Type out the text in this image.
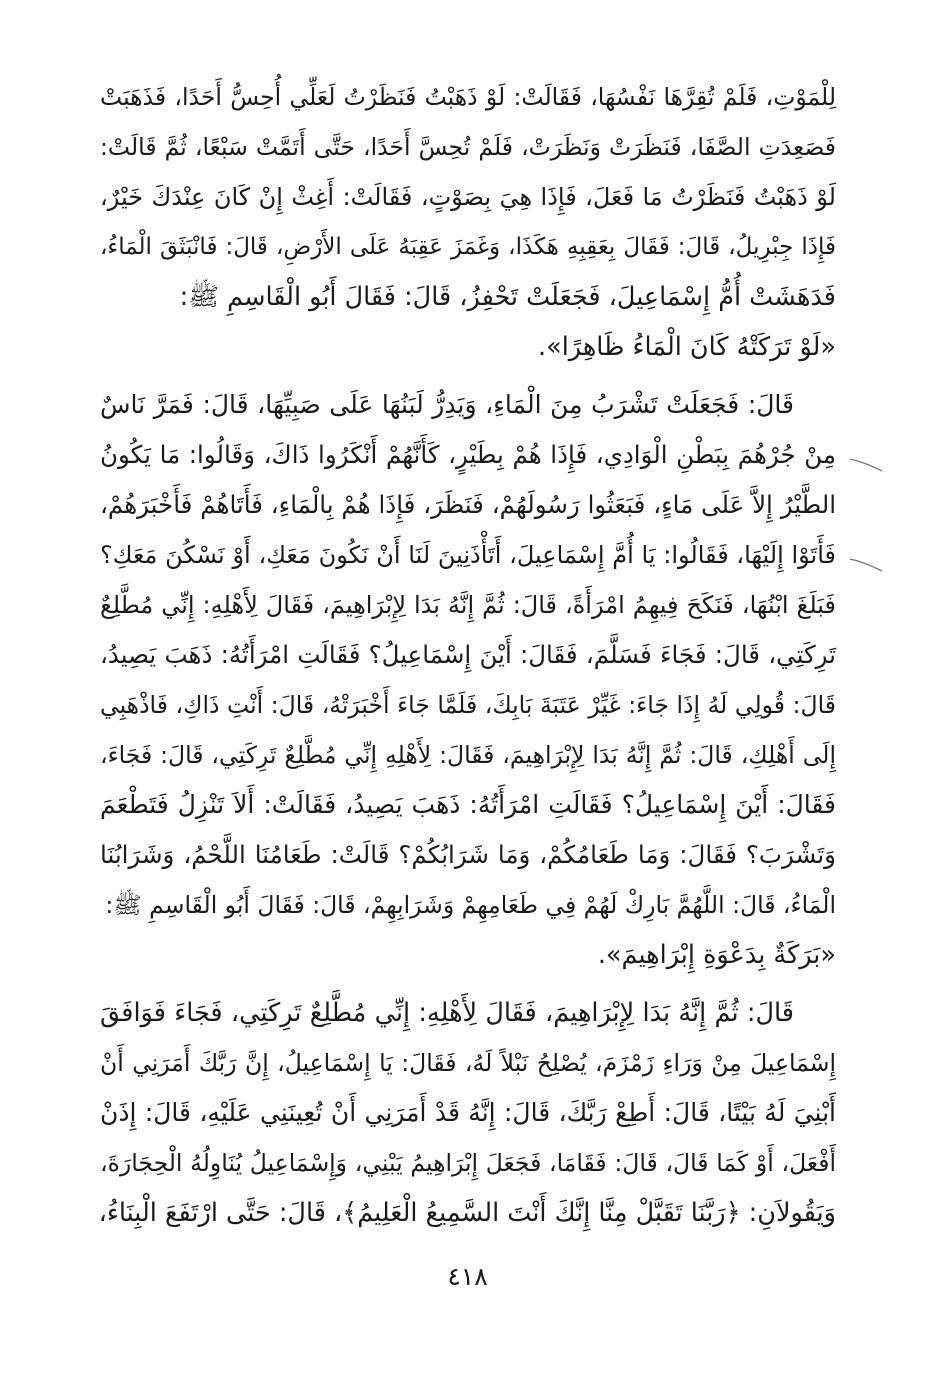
لِلْمَوْتِ، فَلَمْ تُقِرَّهَا نَفْسُهَا، فَقَالَتْ: لَوْ ذَهَبْتُ فَنَظَرْتُ لَعَلِّي أُحِسُّ أَحَدًا، فَذَهَبَتْ
فَصَعِدَتِ الصَّفَا، فَنَظَرَتْ وَنَظَرَتْ، فَلَمْ تُحِسَّ أَحَدًا، حَتَّى أَتَمَّتْ سَبْعًا، ثُمَّ قَالَتْ:
لَوْ ذَهَبْتُ فَنَظَرْتُ مَا فَعَلَ، فَإِذَا هِيَ بِصَوْتٍ، فَقَالَتْ: أَغِثْ إِنْ كَانَ عِنْدَكَ خَيْرٌ،
فَإِذَا جِبْرِيلُ، قَالَ: فَقَالَ بِعَقِبِهِ هَكَذَا، وَغَمَزَ عَقِبَهُ عَلَى الأَرْضِ، قَالَ: فَانْبَثَقَ الْمَاءُ،
فَدَهَشَتْ أُمُّ إِسْمَاعِيلَ، فَجَعَلَتْ تَحْفِزُ، قَالَ: فَقَالَ أَبُو الْقَاسِمِ ﷺ:
«لَوْ تَرَكَتْهُ كَانَ الْمَاءُ ظَاهِرًا».
قَالَ: فَجَعَلَتْ تَشْرَبُ مِنَ الْمَاءِ، وَيَدِرُّ لَبَنُهَا عَلَى صَبِيِّهَا، قَالَ: فَمَرَّ نَاسٌ
مِنْ جُرْهُمَ بِبَطْنِ الْوَادِي، فَإِذَا هُمْ بِطَيْرٍ، كَأَنَّهُمْ أَنْكَرُوا ذَاكَ، وَقَالُوا: مَا يَكُونُ
الطَّيْرُ إِلاَّ عَلَى مَاءٍ، فَبَعَثُوا رَسُولَهُمْ، فَنَظَرَ، فَإِذَا هُمْ بِالْمَاءِ، فَأَتَاهُمْ فَأَخْبَرَهُمْ،
فَأَتَوْا إِلَيْهَا، فَقَالُوا: يَا أُمَّ إِسْمَاعِيلَ، أَتَأْذَنِينَ لَنَا أَنْ نَكُونَ مَعَكِ، أَوْ نَسْكُنَ مَعَكِ؟
فَبَلَغَ ابْنُهَا، فَنَكَحَ فِيهِمُ امْرَأَةً، قَالَ: ثُمَّ إِنَّهُ بَدَا لِإِبْرَاهِيمَ، فَقَالَ لِأَهْلِهِ: إِنِّي مُطَّلِعٌ
تَرِكَتِي، قَالَ: فَجَاءَ فَسَلَّمَ، فَقَالَ: أَيْنَ إِسْمَاعِيلُ؟ فَقَالَتِ امْرَأَتُهُ: ذَهَبَ يَصِيدُ،
قَالَ: قُولِي لَهُ إِذَا جَاءَ: غَيِّرْ عَتَبَةَ بَابِكَ، فَلَمَّا جَاءَ أَخْبَرَتْهُ، قَالَ: أَنْتِ ذَاكِ، فَاذْهَبِي
إِلَى أَهْلِكِ، قَالَ: ثُمَّ إِنَّهُ بَدَا لِإِبْرَاهِيمَ، فَقَالَ: لِأَهْلِهِ إِنِّي مُطَّلِعٌ تَرِكَتِي، قَالَ: فَجَاءَ،
فَقَالَ: أَيْنَ إِسْمَاعِيلُ؟ فَقَالَتِ امْرَأَتُهُ: ذَهَبَ يَصِيدُ، فَقَالَتْ: أَلاَ تَنْزِلُ فَتَطْعَمَ
وَتَشْرَبَ؟ فَقَالَ: وَمَا طَعَامُكُمْ، وَمَا شَرَابُكُمْ؟ قَالَتْ: طَعَامُنَا اللَّحْمُ، وَشَرَابُنَا
الْمَاءُ، قَالَ: اللَّهُمَّ بَارِكْ لَهُمْ فِي طَعَامِهِمْ وَشَرَابِهِمْ، قَالَ: فَقَالَ أَبُو الْقَاسِمِ ﷺ:
«بَرَكَةٌ بِدَعْوَةِ إِبْرَاهِيمَ».
قَالَ: ثُمَّ إِنَّهُ بَدَا لِإِبْرَاهِيمَ، فَقَالَ لِأَهْلِهِ: إِنِّي مُطَّلِعٌ تَرِكَتِي، فَجَاءَ فَوَافَقَ
إِسْمَاعِيلَ مِنْ وَرَاءِ زَمْزَمَ، يُصْلِحُ نَبْلاً لَهُ، فَقَالَ: يَا إِسْمَاعِيلُ، إِنَّ رَبَّكَ أَمَرَنِي أَنْ
أَبْنِيَ لَهُ بَيْتًا، قَالَ: أَطِعْ رَبَّكَ، قَالَ: إِنَّهُ قَدْ أَمَرَنِي أَنْ تُعِينَنِي عَلَيْهِ، قَالَ: إِذَنْ
أَفْعَلَ، أَوْ كَمَا قَالَ، قَالَ: فَقَامَا، فَجَعَلَ إِبْرَاهِيمُ يَبْنِي، وَإِسْمَاعِيلُ يُنَاوِلُهُ الْحِجَارَةَ،
وَيَقُولاَنِ: ﴿رَبَّنَا تَقَبَّلْ مِنَّا إِنَّكَ أَنْتَ السَّمِيعُ الْعَلِيمُ﴾، قَالَ: حَتَّى ارْتَفَعَ الْبِنَاءُ،
٤١٨
